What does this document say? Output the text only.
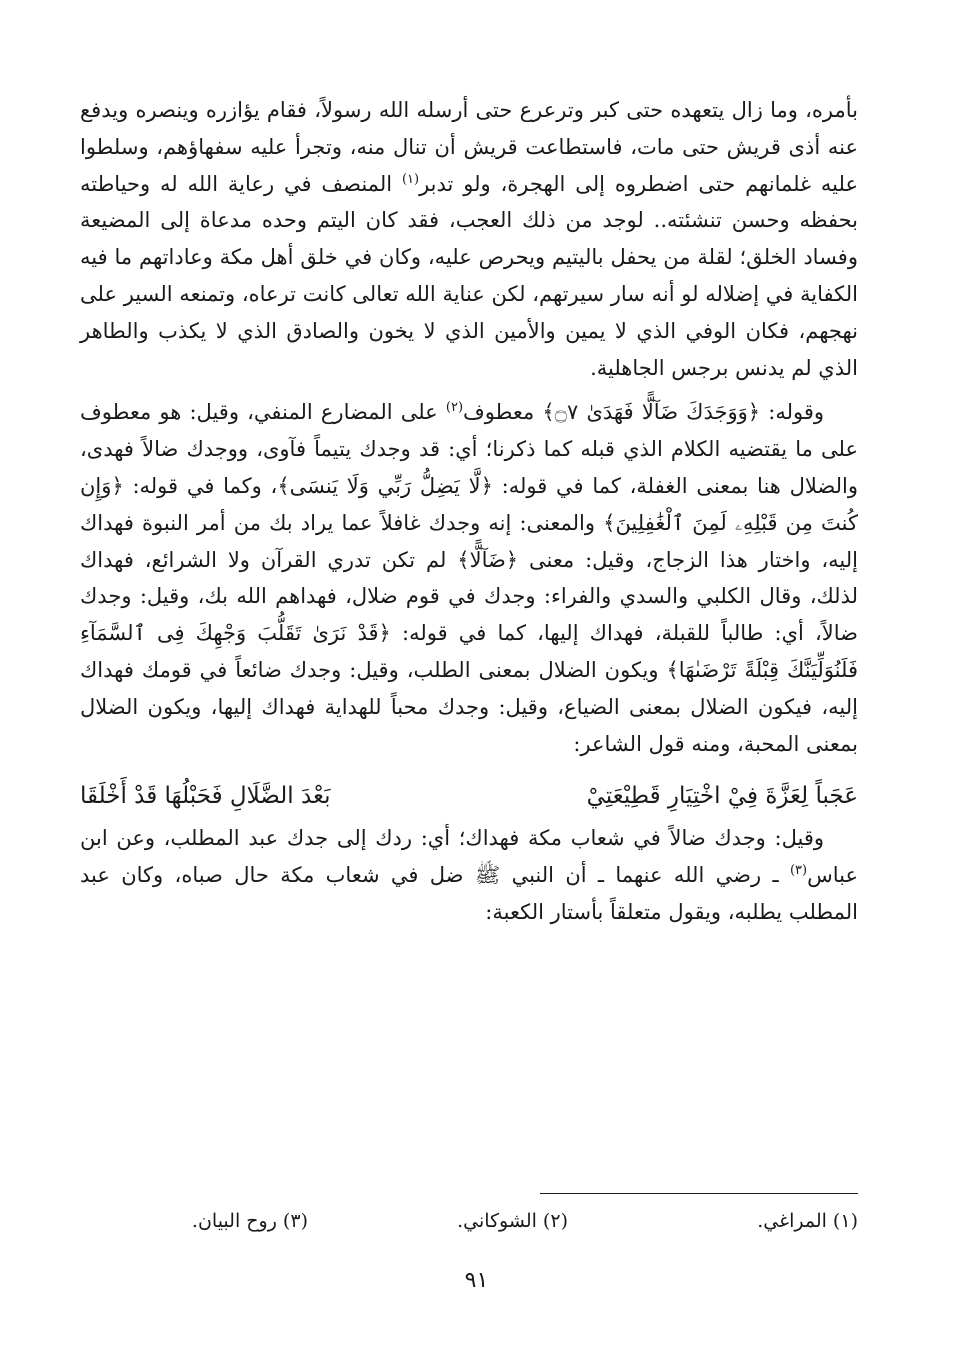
بأمره، وما زال يتعهده حتى كبر وترعرع حتى أرسله الله رسولاً، فقام يؤازره وينصره ويدفع عنه أذى قريش حتى مات، فاستطاعت قريش أن تنال منه، وتجرأ عليه سفهاؤهم، وسلطوا عليه غلمانهم حتى اضطروه إلى الهجرة، ولو تدبر$^{(١)}$ المنصف في رعاية الله له وحياطته بحفظه وحسن تنشئته.. لوجد من ذلك العجب، فقد كان اليتم وحده مدعاة إلى المضيعة وفساد الخلق؛ لقلة من يحفل باليتيم ويحرص عليه، وكان في خلق أهل مكة وعاداتهم ما فيه الكفاية في إضلاله لو أنه سار سيرتهم، لكن عناية الله تعالى كانت ترعاه، وتمنعه السير على نهجهم، فكان الوفي الذي لا يمين والأمين الذي لا يخون والصادق الذي لا يكذب والطاهر الذي لم يدنس برجس الجاهلية.

وقوله: ﴿وَوَجَدَكَ ضَآلًّا فَهَدَىٰ ۝٧﴾ معطوف$^{(٢)}$ على المضارع المنفي، وقيل: هو معطوف على ما يقتضيه الكلام الذي قبله كما ذكرنا؛ أي: قد وجدك يتيماً فآوى، ووجدك ضالاً فهدى، والضلال هنا بمعنى الغفلة، كما في قوله: ﴿لَّا يَضِلُّ رَبِّي وَلَا يَنسَى﴾، وكما في قوله: ﴿وَإِن كُنتَ مِن قَبْلِهِۦ لَمِنَ ٱلْغَٰفِلِينَ﴾ والمعنى: إنه وجدك غافلاً عما يراد بك من أمر النبوة فهداك إليه، واختار هذا الزجاج، وقيل: معنى ﴿ضَآلًّا﴾ لم تكن تدري القرآن ولا الشرائع، فهداك لذلك، وقال الكلبي والسدي والفراء: وجدك في قوم ضلال، فهداهم الله بك، وقيل: وجدك ضالاً، أي: طالباً للقبلة، فهداك إليها، كما في قوله: ﴿قَدْ نَرَىٰ تَقَلُّبَ وَجْهِكَ فِى ٱلسَّمَآءِ فَلَنُوَلِّيَنَّكَ قِبْلَةً تَرْضَىٰهَا﴾ ويكون الضلال بمعنى الطلب، وقيل: وجدك ضائعاً في قومك فهداك إليه، فيكون الضلال بمعنى الضياع، وقيل: وجدك محباً للهداية فهداك إليها، ويكون الضلال بمعنى المحبة، ومنه قول الشاعر:

عَجَباً لِعَزَّةَ فِيْ اخْتِيَارِ قَطِيْعَتِيْ
بَعْدَ الضَّلَالِ فَحَبْلُهَا قَدْ أَخْلَقَا

وقيل: وجدك ضالاً في شعاب مكة فهداك؛ أي: ردك إلى جدك عبد المطلب، وعن ابن عباس$^{(٣)}$ ـ رضي الله عنهما ـ أن النبي ﷺ ضل في شعاب مكة حال صباه، وكان عبد المطلب يطلبه، ويقول متعلقاً بأستار الكعبة:

(١) المراغي.
(٢) الشوكاني.
(٣) روح البيان.
٩١
